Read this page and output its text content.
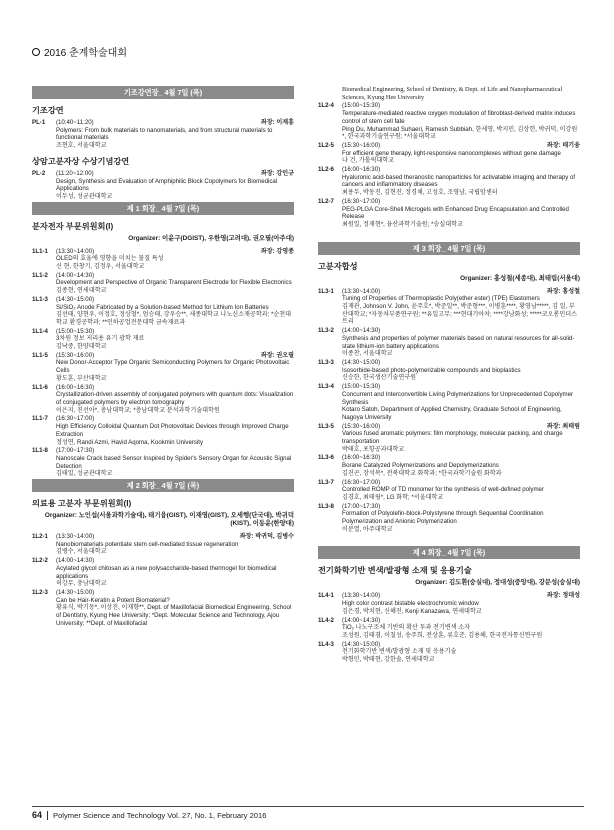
2016 춘계학술대회
기조강연장_ 4월 7일 (목)
기조강연
PL-1	(10:40~11:20)	좌장: 이재흥
Polymers: From bulk materials to nanomaterials, and from structural materials to functional materials
조현호, 서울대학교
상암고분자상 수상기념강연
PL-2	(11:20~12:00)	좌장: 강인규
Design, Synthesis and Evaluation of Amphiphilic Block Copolymers for Biomedical Applications
이두성, 성균관대학교
제 1 회장_ 4월 7일 (목)
분자전자 부문위원회(I)
Organizer: 이윤구(DGIST), 우한영(고려대), 권오필(아주대)
1L1-1	(13:30~14:00)	좌장: 강영종
OLED의 효율에 영향을 미치는 물질 특성
신 현, 한창기, 김정우, 서울대학교
1L1-2	(14:00~14:30)
Development and Perspective of Organic Transparent Electrode for Flexible Electronics
김종현, 연세대학교
1L1-3	(14:30~15:00)
Si/SiO₂ Anode Fabricated by a Solution-based Method for Lithium Ion Batteries
김선태, 양현우, 이정호, 정상철*, 엄승태, 강우승**, 세종대학교 나노신소재공학과; *순천대학교 환경공학과; **인하공업전문대학 금속재료과
1L1-4	(15:00~15:30)
3차원 정보 저리용 유기 광학 재료
김낙중, 한양대학교
1L1-5	(15:30~16:00)	좌장: 권오필
New Donor-Acceptor Type Organic Semiconducting Polymers for Organic Photovoltaic Cells
황도훈, 부산대학교
1L1-6	(16:00~16:30)
Crystallization-driven assembly of conjugated polymers with quantum dots: Visualization of conjugated polymers by electron tomography
이은지, 진선아*, 충남대학교; *충남대학교 분석과학기술대학원
1L1-7	(16:30~17:00)
High Efficiency Colloidal Quantum Dot Photovoltaic Devices through Improved Charge Extraction
정성연, Randi Azmi, Havid Aqoma, Kookmin University
1L1-8	(17:00~17:30)
Nanoscale Crack based Sensor Inspired by Spider's Sensory Organ for Acoustic Signal Detection
김태일, 성균관대학교
제 2 회장_ 4월 7일 (목)
의료용 고분자 부문위원회(I)
Organizer: 노인섭(서울과학기술대), 태기융(GIST), 이재영(GIST), 오세행(단국대), 박귀덕(KIST), 이동윤(한양대)
1L2-1	(13:30~14:00)	좌장: 박귀덕, 김병수
Nanobiomaterials potentiate stem cell-mediated tissue regeneration
김병수, 서울대학교
1L2-2	(14:00~14:30)
Acylated glycol chitosan as a new polysaccharide-based thermogel for biomedical applications
허강무, 충남대학교
1L2-3	(14:30~15:00)
Can be Hair-Keratin a Potent Biomaterial?
황유식, 박기동*, 이상진, 이재향**, Dept. of Maxillofacial Biomedical Engineering, School of Dentistry, Kyung Hee University; *Dept. Molecular Science and Technology, Ajou University; **Dept. of Maxillofacial
Biomedical Engineering, School of Dentistry, & Dept. of Life and Nanopharmaceutical Sciences, Kyung Hee University
1L2-4	(15:00~15:30)
Temperature-mediated reactive oxygen modulation of fibroblast-derived matrix induces control of stem cell fate
Ping Du, Muhammad Suhaeri, Ramesh Subbiah, 한세영, 박지민, 김상헌, 박귀덕, 이강원*, 한국과학기술연구원; *서울대학교
1L2-5	(15:30~16:00)	좌장: 태기융
For efficient gene therapy, light-responsive nanocomplexes without gene damage
나 건, 가톨릭대학교
1L2-6	(16:00~16:30)
Hyaluronic acid-based theranostic nanoparticles for activatable imaging and therapy of cancers and inflammatory diseases
최용두, 박동진, 김현진, 정경채, 고성호, 조영남, 국립암센터
1L2-7	(16:30~17:00)
PEG-PLGA Core-Shell Microgels with Enhanced Drug Encapsulation and Controlled Release
최원일, 정재현*, 융산과학기술원; *숭실대학교
제 3 회장_ 4월 7일 (목)
고분자합성
Organizer: 홍성철(세종대), 최태림(서울대)
1L3-1	(13:30~14:00)	좌장: 홍성철
Tuning of Properties of Thermoplastic Poly(ether ester) (TPE) Elastomers
김재관, Johnson V. John, 윤주호*, 박준일**, 박준형***, 이병훈****, 황영남*****, 김 일, 부산대학교; *자동차부품연구원; **유일고무; ***현대기아차; ****강남화성; *****코오롱인더스트리
1L3-2	(14:00~14:30)
Synthesis and properties of polymer materials based on natural resources for all-solid-state lithium-ion battery applications
이종찬, 서울대학교
1L3-3	(14:30~15:00)
Isosorbide-based photo-polymerizable compounds and bioplastics
신승한, 한국생산기술연구원
1L3-4	(15:00~15:30)
Concurrent and Interconvertible Living Polymerizations for Unprecedented Copolymer Synthesis
Kotaro Satoh, Department of Applied Chemistry, Graduate School of Engineering, Nagoya University
1L3-5	(15:30~16:00)	좌장: 최태림
Various fused aromatic polymers: film morphology, molecular packing, and charge transportation
박태호, 포항공과대학교
1L3-6	(16:00~16:30)
Borane Catalyzed Polymerizations and Depolymerizations
김진곤, 장석복*, 전북대학교 화학과; *한국과학기술원 화학과
1L3-7	(16:30~17:00)
Controlled ROMP of TD monomer for the synthesis of well-defined polymer
김경호, 최태림*, LG 화학; *서울대학교
1L3-8	(17:00~17:30)
Formation of Polyolefin-block-Polystyrene through Sequential Coordination Polymerization and Anionic Polymerization
이분열, 아주대학교
제 4 회장_ 4월 7일 (목)
전기화학기반 변색/발광형 소재 및 응용기술
Organizer: 김도환(숭실대), 정대성(중앙대), 강문성(숭실대)
1L4-1	(13:30~14:00)	좌장: 정대성
High color contrast bistable electrochromic window
김은경, 박치현, 신혜진, Kenji Kanazawa, 연세대학교
1L4-2	(14:00~14:30)
TiO₂ 나노구조체 기반의 확산 투과 전기변색 소자
조성원, 김태겸, 이칠성, 송주희, 전상훈, 류호준, 김용해, 한국전자통신연구원
1L4-3	(14:30~15:00)
전기화학기반 변색/발광형 소재 및 응용기술
박형민, 박태현, 강한솔, 연세대학교
64 Polymer Science and Technology Vol. 27, No. 1, February 2016
